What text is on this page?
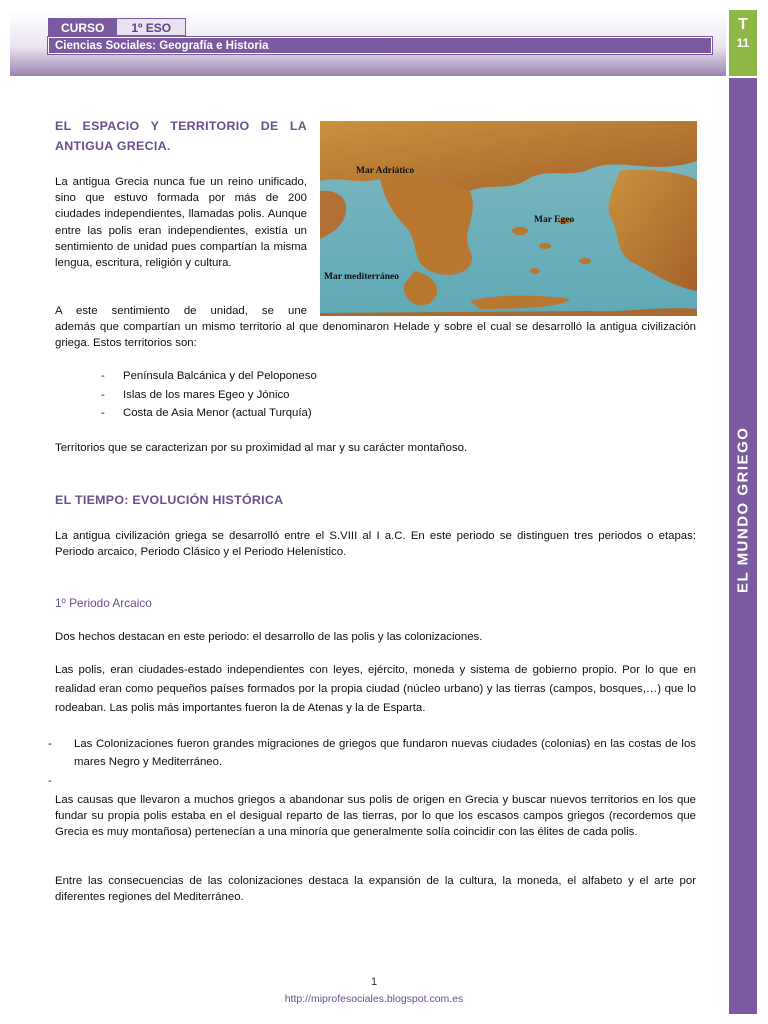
CURSO	1º ESO
Ciencias Sociales: Geografía e Historia
T
11
EL MUNDO GRIEGO
EL ESPACIO Y TERRITORIO DE LA ANTIGUA GRECIA.

La antigua Grecia nunca fue un reino unificado, sino que estuvo formada por más de 200 ciudades independientes, llamadas polis. Aunque entre las polis eran independientes, existía un sentimiento de unidad pues compartían la misma lengua, escritura, religión y cultura.

Mar Adriático
Mar Egeo
Mar mediterráneo

A este sentimiento de unidad, se une

además que compartían un mismo territorio al que denominaron Helade y sobre el cual se desarrolló la antigua civilización griega. Estos territorios son:

- Península Balcánica y del Peloponeso
- Islas de los mares Egeo y Jónico
- Costa de Asia Menor (actual Turquía)

Territorios que se caracterizan por su proximidad al mar y su carácter montañoso.

EL TIEMPO: EVOLUCIÓN HISTÓRICA

La antigua civilización griega se desarrolló entre el S.VIII al I a.C. En este periodo se distinguen tres periodos o etapas: Periodo arcaico, Periodo Clásico y el Periodo Helenístico.

1º Periodo Arcaico

Dos hechos destacan en este periodo: el desarrollo de las polis y las colonizaciones.

Las polis, eran ciudades-estado independientes con leyes, ejército, moneda y sistema de gobierno propio. Por lo que en realidad eran como pequeños países formados por la propia ciudad (núcleo urbano) y las tierras (campos, bosques,…) que lo rodeaban. Las polis más importantes fueron la de Atenas y la de Esparta.

- Las Colonizaciones fueron grandes migraciones de griegos que fundaron nuevas ciudades (colonias) en las costas de los mares Negro y Mediterráneo.

-

Las causas que llevaron a muchos griegos a abandonar sus polis de origen en Grecia y buscar nuevos territorios en los que fundar su propia polis estaba en el desigual reparto de las tierras, por lo que los escasos campos griegos (recordemos que Grecia es muy montañosa) pertenecían a una minoría que generalmente solía coincidir con las élites de cada polis.

Entre las consecuencias de las colonizaciones destaca la expansión de la cultura, la moneda, el alfabeto y el arte por diferentes regiones del Mediterráneo.

1
http://miprofesociales.blogspot.com.es
